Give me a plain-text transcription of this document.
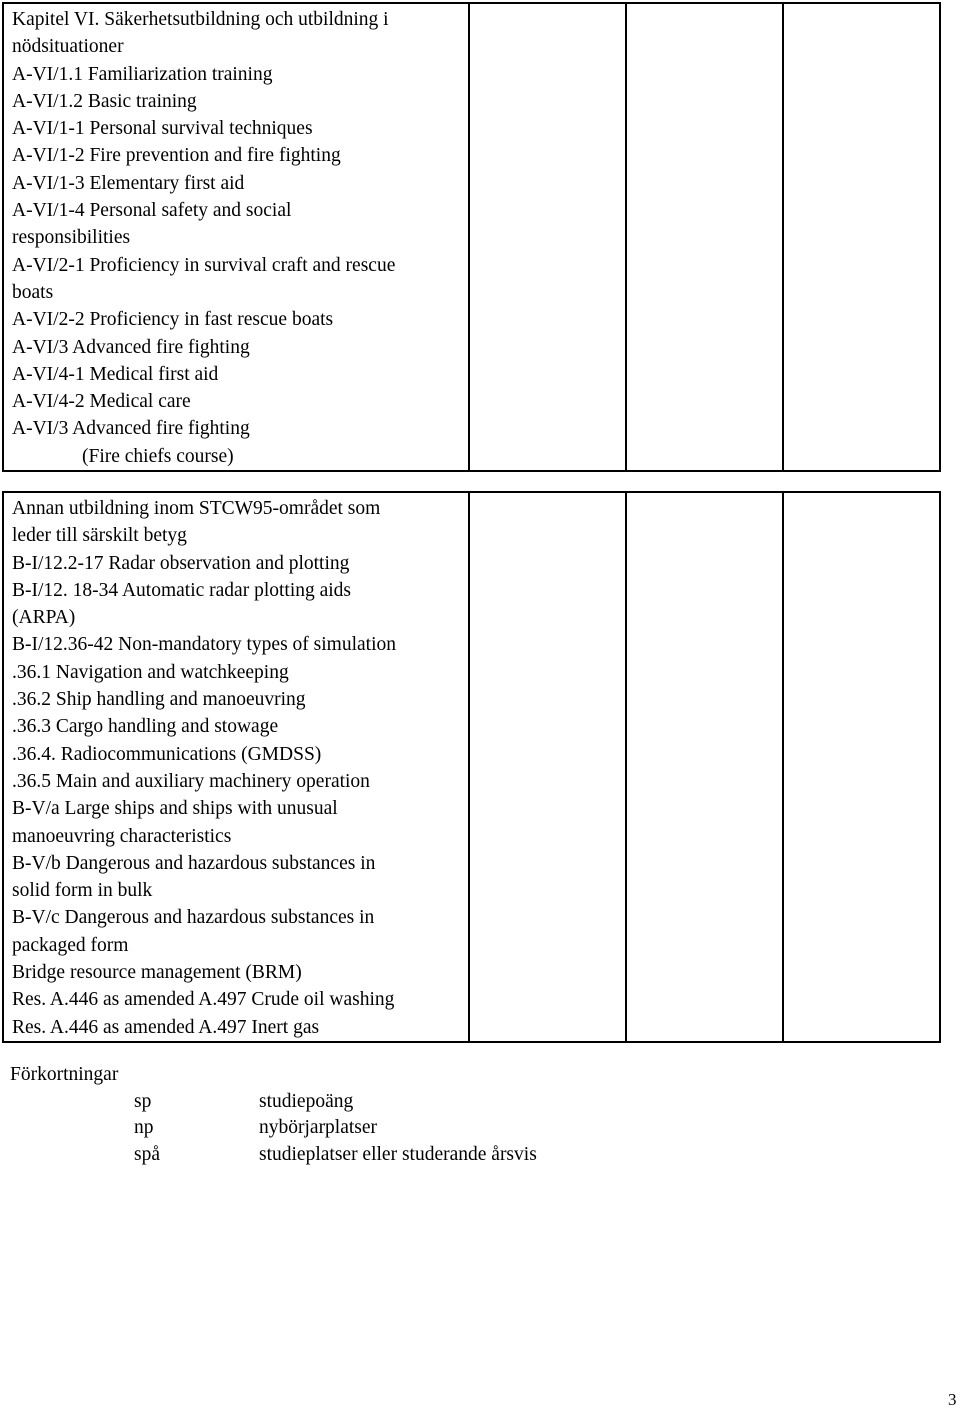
Kapitel VI. Säkerhetsutbildning och utbildning i
nödsituationer
A-VI/1.1 Familiarization training
A-VI/1.2 Basic training
A-VI/1-1 Personal survival techniques
A-VI/1-2 Fire prevention and fire fighting
A-VI/1-3 Elementary first aid
A-VI/1-4 Personal safety and social
responsibilities
A-VI/2-1 Proficiency in survival craft and rescue
boats
A-VI/2-2 Proficiency in fast rescue boats
A-VI/3 Advanced fire fighting
A-VI/4-1 Medical first aid
A-VI/4-2 Medical care
A-VI/3 Advanced fire fighting
(Fire chiefs course)

Annan utbildning inom STCW95-området som
leder till särskilt betyg
B-I/12.2-17 Radar observation and plotting
B-I/12. 18-34 Automatic radar plotting aids
(ARPA)
B-I/12.36-42 Non-mandatory types of simulation
.36.1 Navigation and watchkeeping
.36.2 Ship handling and manoeuvring
.36.3 Cargo handling and stowage
.36.4. Radiocommunications (GMDSS)
.36.5 Main and auxiliary machinery operation
B-V/a Large ships and ships with unusual
manoeuvring characteristics
B-V/b Dangerous and hazardous substances in
solid form in bulk
B-V/c Dangerous and hazardous substances in
packaged form
Bridge resource management (BRM)
Res. A.446 as amended A.497 Crude oil washing
Res. A.446 as amended A.497 Inert gas

Förkortningar
sp	studiepoäng
np	nybörjarplatser
spå	studieplatser eller studerande årsvis
3
